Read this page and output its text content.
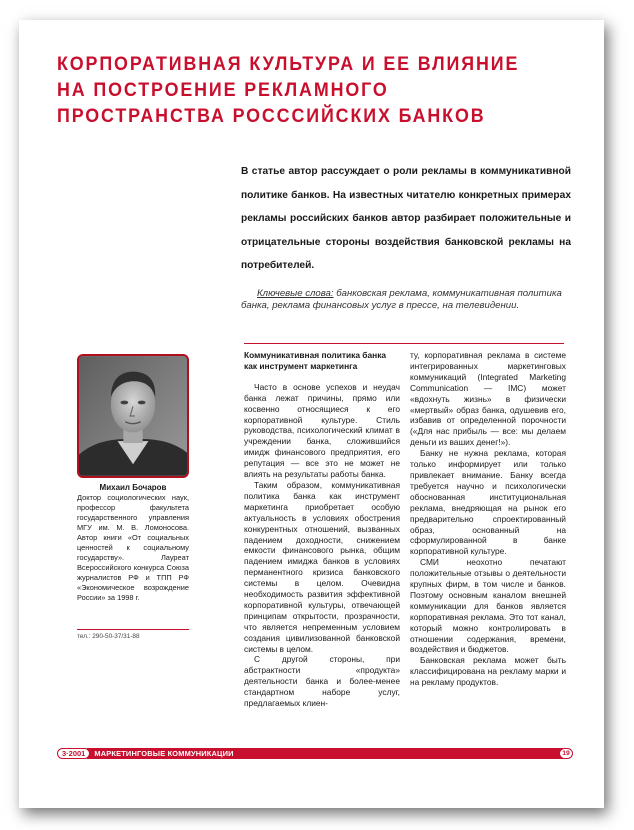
КОРПОРАТИВНАЯ КУЛЬТУРА И ЕЕ ВЛИЯНИЕ
НА ПОСТРОЕНИЕ РЕКЛАМНОГО
ПРОСТРАНСТВА РОСССИЙСКИХ БАНКОВ

В статье автор рассуждает о роли рекламы в коммуникативной политике банков. На известных читателю конкретных примерах рекламы российских банков автор разбирает положительные и отрицательные стороны воздействия банковской рекламы на потребителей.

Ключевые слова: банковская реклама, коммуникативная политика банка, реклама финансовых услуг в прессе, на телевидении.

Михаил Бочаров

Доктор социологических наук, профессор факультета государственного управления МГУ им. М. В. Ломоносова. Автор книги «От социальных ценностей к социальному государству». Лауреат Всероссийского конкурса Союза журналистов РФ и ТПП РФ «Экономическое возрождение России» за 1998 г.

тел.: 290-50-37/31-88
Коммуникативная политика банка как инструмент маркетинга

Часто в основе успехов и неудач банка лежат причины, прямо или косвенно относящиеся к его корпоративной культуре. Стиль руководства, психологический климат в учреждении банка, сложившийся имидж финансового предприятия, его репутация — все это не может не влиять на результаты работы банка.

Таким образом, коммуникативная политика банка как инструмент маркетинга приобретает особую актуальность в условиях обострения конкурентных отношений, вызванных падением доходности, снижением емкости финансового рынка, общим падением имиджа банков в условиях перманентного кризиса банковского системы в целом. Очевидна необходимость развития эффективной корпоративной культуры, отвечающей принципам открытости, прозрачности, что является непременным условием создания цивилизованной банковской системы в целом.

С другой стороны, при абстрактности «продукта» деятельности банка и более-менее стандартном наборе услуг, предлагаемых клиен-

ту, корпоративная реклама в системе интегрированных маркетинговых коммуникаций (Integrated Marketing Communication — IMC) может «вдохнуть жизнь» в физически «мертвый» образ банка, одушевив его, избавив от определенной порочности («Для нас прибыль — все: мы делаем деньги из ваших денег!»).

Банку не нужна реклама, которая только информирует или только привлекает внимание. Банку всегда требуется научно и психологически обоснованная институциональная реклама, внедряющая на рынок его предварительно спроектированный образ, основанный на сформулированной в банке корпоративной культуре.

СМИ неохотно печатают положительные отзывы о деятельности крупных фирм, в том числе и банков. Поэтому основным каналом внешней коммуникации для банков является корпоративная реклама. Это тот канал, который можно контролировать в отношении содержания, времени, воздействия и бюджетов.

Банковская реклама может быть классифицирована на рекламу марки и на рекламу продуктов.

3·2001	МАРКЕТИНГОВЫЕ КОММУНИКАЦИИ	19
